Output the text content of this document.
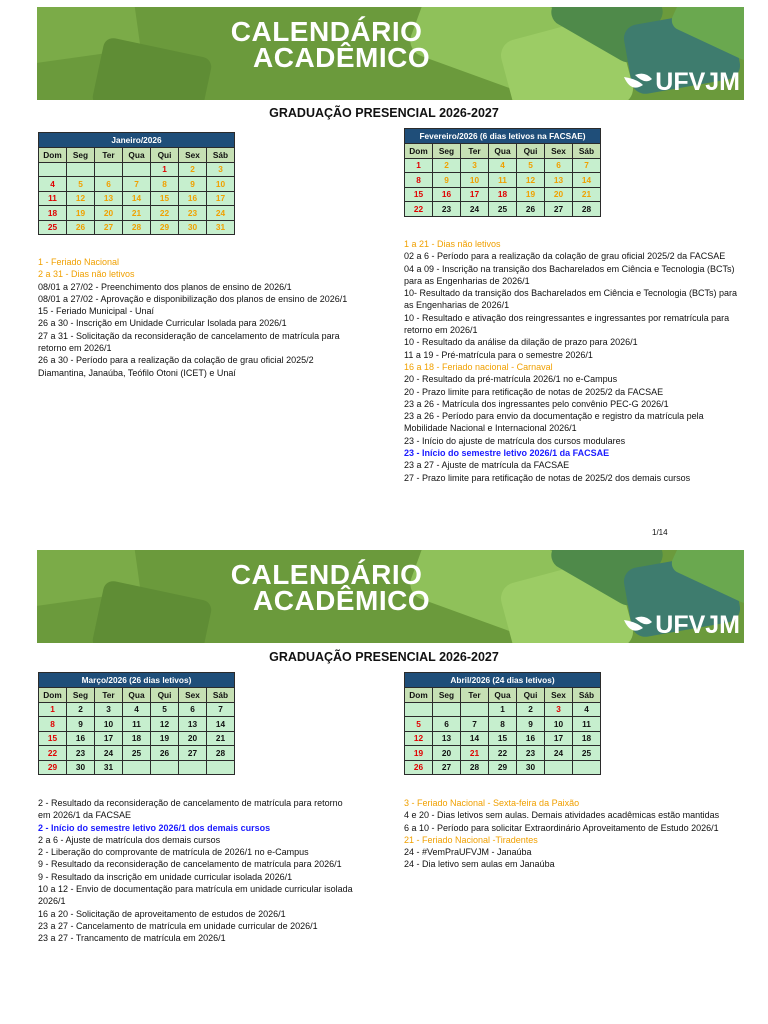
CALENDÁRIO
ACADÊMICO
UFVJM
GRADUAÇÃO PRESENCIAL 2026-2027
Janeiro/2026						
Dom	Seg	Ter	Qua	Qui	Sex	Sáb
				1	2	3
4	5	6	7	8	9	10
11	12	13	14	15	16	17
18	19	20	21	22	23	24
25	26	27	28	29	30	31
Fevereiro/2026 (6 dias letivos na FACSAE)						
Dom	Seg	Ter	Qua	Qui	Sex	Sáb
1	2	3	4	5	6	7
8	9	10	11	12	13	14
15	16	17	18	19	20	21
22	23	24	25	26	27	28
1 - Feriado Nacional
2 a 31 - Dias não letivos
08/01 a 27/02 - Preenchimento dos planos de ensino de 2026/1
08/01 a 27/02 - Aprovação e disponibilização dos planos de ensino de 2026/1
15 - Feriado Municipal - Unaí
26 a 30 - Inscrição em Unidade Curricular Isolada para 2026/1
27 a 31 - Solicitação da reconsideração de cancelamento de matrícula para retorno em 2026/1
26 a 30 - Período para a realização da colação de grau oficial 2025/2 Diamantina, Janaúba, Teófilo Otoni (ICET) e Unaí
1 a 21 - Dias não letivos
02 a 6 - Período para a realização da colação de grau oficial 2025/2 da FACSAE
04 a 09 - Inscrição na transição dos Bacharelados em Ciência e Tecnologia (BCTs) para as Engenharias de 2026/1
10- Resultado da transição dos Bacharelados em Ciência e Tecnologia (BCTs) para as Engenharias de 2026/1
10 - Resultado e ativação dos reingressantes e ingressantes por rematrícula para retorno em 2026/1
10 - Resultado da análise da dilação de prazo para 2026/1
11 a 19 - Pré-matrícula para o semestre 2026/1
16 a 18 - Feriado nacional - Carnaval
20 - Resultado da pré-matrícula 2026/1 no e-Campus
20 - Prazo limite para retificação de notas de 2025/2 da FACSAE
23 a 26 - Matrícula dos ingressantes pelo convênio PEC-G 2026/1
23 a 26 - Período para envio da documentação e registro da matrícula pela Mobilidade Nacional e Internacional 2026/1
23 - Início do ajuste de matrícula dos cursos modulares
23 - Início do semestre letivo 2026/1 da FACSAE
23 a 27 - Ajuste de matrícula da FACSAE
27 - Prazo limite para retificação de notas de 2025/2 dos demais cursos
1/14
CALENDÁRIO
ACADÊMICO
UFVJM
GRADUAÇÃO PRESENCIAL 2026-2027
Março/2026 (26 dias letivos)						
Dom	Seg	Ter	Qua	Qui	Sex	Sáb
1	2	3	4	5	6	7
8	9	10	11	12	13	14
15	16	17	18	19	20	21
22	23	24	25	26	27	28
29	30	31				
Abril/2026 (24 dias letivos)						
Dom	Seg	Ter	Qua	Qui	Sex	Sáb
			1	2	3	4
5	6	7	8	9	10	11
12	13	14	15	16	17	18
19	20	21	22	23	24	25
26	27	28	29	30		
2 - Resultado da reconsideração de cancelamento de matrícula para retorno em 2026/1 da FACSAE
2 - Início do semestre letivo 2026/1 dos demais cursos
2 a 6 - Ajuste de matrícula dos demais cursos
2 - Liberação do comprovante de matrícula de 2026/1 no e-Campus
9 - Resultado da reconsideração de cancelamento de matrícula para 2026/1
9 - Resultado da inscrição em unidade curricular isolada 2026/1
10 a 12 - Envio de documentação para matrícula em unidade curricular isolada 2026/1
16 a 20 - Solicitação de aproveitamento de estudos de 2026/1
23 a 27 - Cancelamento de matrícula em unidade curricular de 2026/1
23 a 27 - Trancamento de matrícula em 2026/1
3 - Feriado Nacional - Sexta-feira da Paixão
4 e 20 - Dias letivos sem aulas. Demais atividades acadêmicas estão mantidas
6 a 10 - Período para solicitar Extraordinário Aproveitamento de Estudo 2026/1
21 - Feriado Nacional -Tiradentes
24 - #VemPraUFVJM - Janaúba
24 - Dia letivo sem aulas em Janaúba
